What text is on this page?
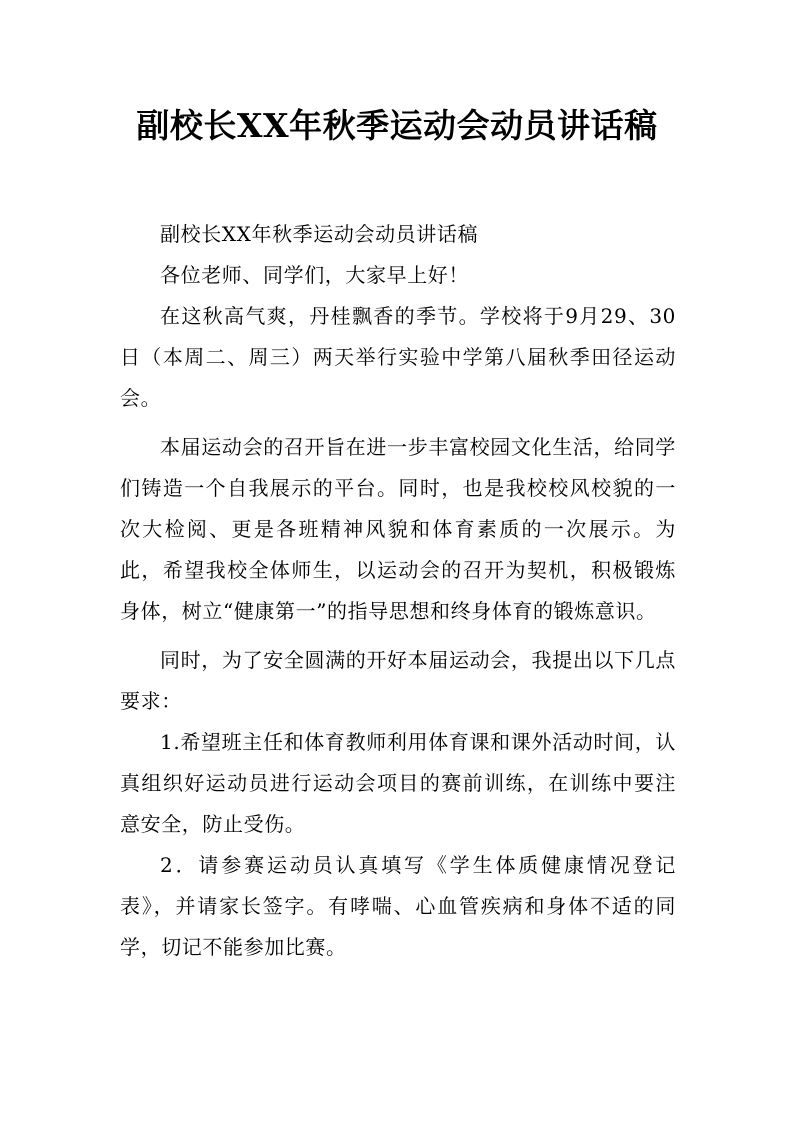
副校长XX年秋季运动会动员讲话稿

副校长XX年秋季运动会动员讲话稿

各位老师、同学们，大家早上好！

在这秋高气爽，丹桂飘香的季节。学校将于9月29、30日（本周二、周三）两天举行实验中学第八届秋季田径运动会。

本届运动会的召开旨在进一步丰富校园文化生活，给同学们铸造一个自我展示的平台。同时，也是我校校风校貌的一次大检阅、更是各班精神风貌和体育素质的一次展示。为此，希望我校全体师生，以运动会的召开为契机，积极锻炼身体，树立“健康第一”的指导思想和终身体育的锻炼意识。

同时，为了安全圆满的开好本届运动会，我提出以下几点要求：

1.希望班主任和体育教师利用体育课和课外活动时间，认真组织好运动员进行运动会项目的赛前训练，在训练中要注意安全，防止受伤。

2．请参赛运动员认真填写《学生体质健康情况登记表》，并请家长签字。有哮喘、心血管疾病和身体不适的同学，切记不能参加比赛。
